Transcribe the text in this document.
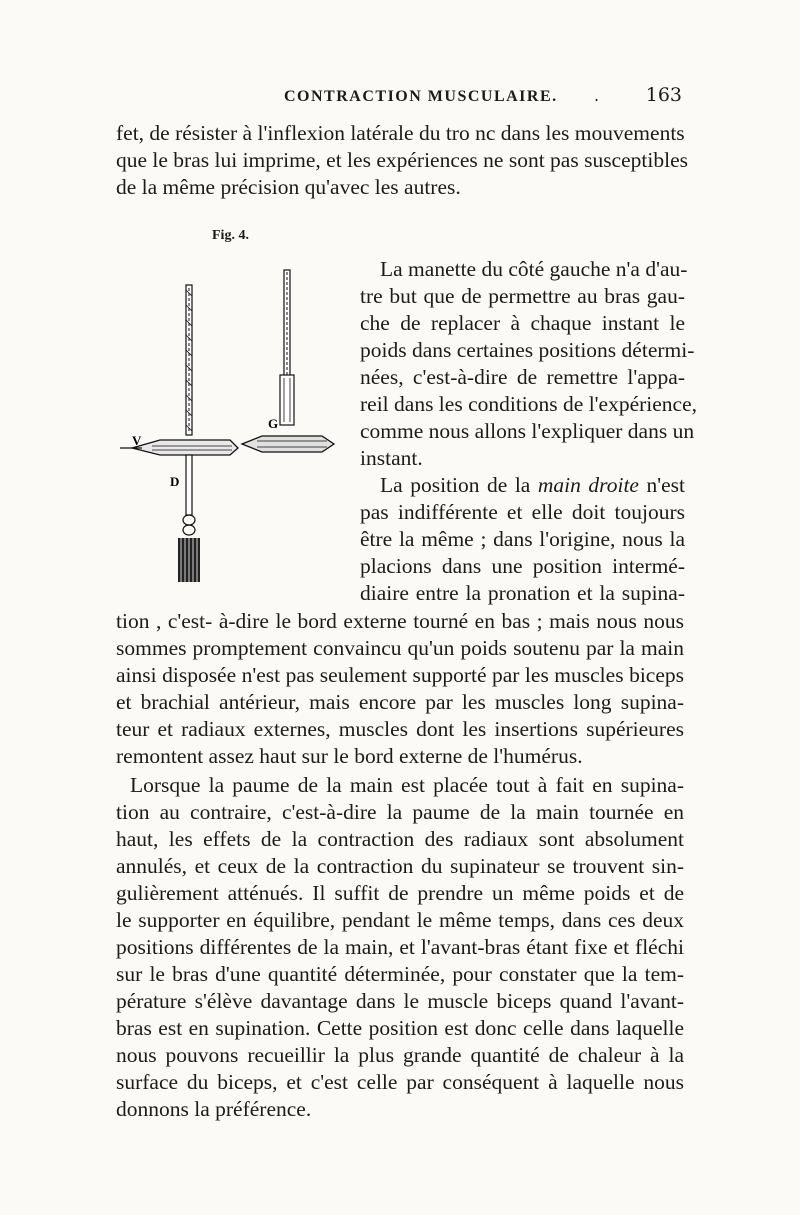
CONTRACTION MUSCULAIRE. . 163
fet, de résister à l'inflexion latérale du tro nc dans les mouvements
que le bras lui imprime, et les expériences ne sont pas susceptibles
de la même précision qu'avec les autres.
Fig. 4.
V
D
G
La manette du côté gauche n'a d'au-
tre but que de permettre au bras gau-
che de replacer à chaque instant le
poids dans certaines positions détermi-
nées, c'est-à-dire de remettre l'appa-
reil dans les conditions de l'expérience,
comme nous allons l'expliquer dans un
instant.
La position de la main droite n'est
pas indifférente et elle doit toujours
être la même ; dans l'origine, nous la
placions dans une position intermé-
diaire entre la pronation et la supina-
tion , c'est- à-dire le bord externe tourné en bas ; mais nous nous
sommes promptement convaincu qu'un poids soutenu par la main
ainsi disposée n'est pas seulement supporté par les muscles biceps
et brachial antérieur, mais encore par les muscles long supina-
teur et radiaux externes, muscles dont les insertions supérieures
remontent assez haut sur le bord externe de l'humérus.
Lorsque la paume de la main est placée tout à fait en supina-
tion au contraire, c'est-à-dire la paume de la main tournée en
haut, les effets de la contraction des radiaux sont absolument
annulés, et ceux de la contraction du supinateur se trouvent sin-
gulièrement atténués. Il suffit de prendre un même poids et de
le supporter en équilibre, pendant le même temps, dans ces deux
positions différentes de la main, et l'avant-bras étant fixe et fléchi
sur le bras d'une quantité déterminée, pour constater que la tem-
pérature s'élève davantage dans le muscle biceps quand l'avant-
bras est en supination. Cette position est donc celle dans laquelle
nous pouvons recueillir la plus grande quantité de chaleur à la
surface du biceps, et c'est celle par conséquent à laquelle nous
donnons la préférence.
